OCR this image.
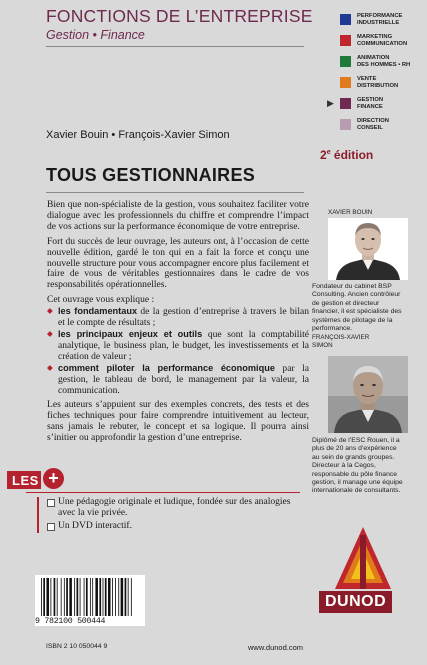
FONCTIONS DE L’ENTREPRISE
Gestion • Finance
PERFORMANCE
INDUSTRIELLE
MARKETING
COMMUNICATION
ANIMATION
DES HOMMES • RH
VENTE
DISTRIBUTION
▶	GESTION
FINANCE
DIRECTION
CONSEIL
Xavier Bouin • François-Xavier Simon
2e édition
TOUS GESTIONNAIRES

Bien que non-spécialiste de la gestion, vous souhaitez faciliter votre dialogue avec les professionnels du chiffre et comprendre l’impact de vos actions sur la performance économique de votre entreprise.

Fort du succès de leur ouvrage, les auteurs ont, à l’occasion de cette nouvelle édition, gardé le ton qui en a fait la force et conçu une nouvelle structure pour vous accompagner encore plus facilement et faire de vous de véritables gestionnaires dans le cadre de vos responsabilités opérationnelles.

Cet ouvrage vous explique :

◆ les fondamentaux de la gestion d’entreprise à travers le bilan et le compte de résultats ;
◆ les principaux enjeux et outils que sont la comptabilité analytique, le business plan, le budget, les investissements et la création de valeur ;
◆ comment piloter la performance économique par la gestion, le tableau de bord, le management par la valeur, la communication.

Les auteurs s’appuient sur des exemples concrets, des tests et des fiches techniques pour faire comprendre intuitivement au lecteur, sans jamais le rebuter, le concept et sa logique. Il pourra ainsi s’initier ou approfondir la gestion d’une entreprise.

LES +
Une pédagogie originale et ludique, fondée sur des analogies avec la vie privée.
Un DVD interactif.
XAVIER BOUIN
Fondateur du cabinet BSP Consulting. Ancien contrôleur de gestion et directeur financier, il est spécialiste des systèmes de pilotage de la performance.
FRANÇOIS-XAVIER
SIMON
Diplômé de l’ESC Rouen, il a plus de 20 ans d’expérience au sein de grands groupes. Directeur à la Cegos, responsable du pôle finance gestion, il manage une équipe internationale de consultants.
9 782100 500444
ISBN 2 10 050044 9	www.dunod.com
DUNOD
